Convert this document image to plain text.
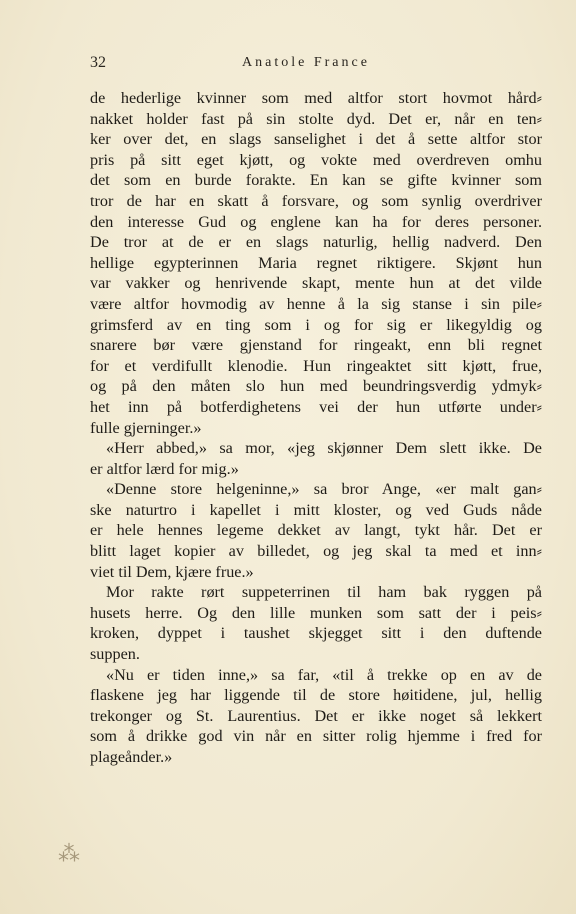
32	Anatole France
de hederlige kvinner som med altfor stort hovmot hård⸗
nakket holder fast på sin stolte dyd. Det er, når en ten⸗
ker over det, en slags sanselighet i det å sette altfor stor
pris på sitt eget kjøtt, og vokte med overdreven omhu
det som en burde forakte. En kan se gifte kvinner som
tror de har en skatt å forsvare, og som synlig overdriver
den interesse Gud og englene kan ha for deres personer.
De tror at de er en slags naturlig, hellig nadverd. Den
hellige egypterinnen Maria regnet riktigere. Skjønt hun
var vakker og henrivende skapt, mente hun at det vilde
være altfor hovmodig av henne å la sig stanse i sin pile⸗
grimsferd av en ting som i og for sig er likegyldig og
snarere bør være gjenstand for ringeakt, enn bli regnet
for et verdifullt klenodie. Hun ringeaktet sitt kjøtt, frue,
og på den måten slo hun med beundringsverdig ydmyk⸗
het inn på botferdighetens vei der hun utførte under⸗
fulle gjerninger.»
«Herr abbed,» sa mor, «jeg skjønner Dem slett ikke. De
er altfor lærd for mig.»
«Denne store helgeninne,» sa bror Ange, «er malt gan⸗
ske naturtro i kapellet i mitt kloster, og ved Guds nåde
er hele hennes legeme dekket av langt, tykt hår. Det er
blitt laget kopier av billedet, og jeg skal ta med et inn⸗
viet til Dem, kjære frue.»
Mor rakte rørt suppeterrinen til ham bak ryggen på
husets herre. Og den lille munken som satt der i peis⸗
kroken, dyppet i taushet skjegget sitt i den duftende
suppen.
«Nu er tiden inne,» sa far, «til å trekke op en av de
flaskene jeg har liggende til de store høitidene, jul, hellig
trekonger og St. Laurentius. Det er ikke noget så lekkert
som å drikke god vin når en sitter rolig hjemme i fred for
plageånder.»
⁂
